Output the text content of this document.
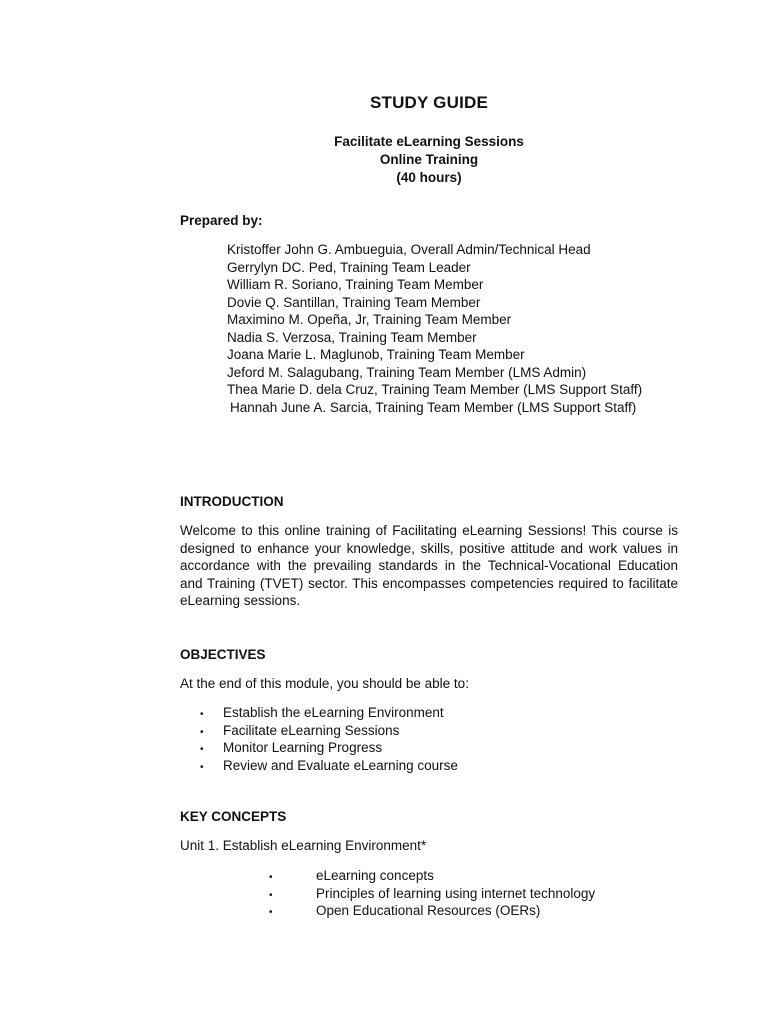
STUDY GUIDE
Facilitate eLearning Sessions
Online Training
(40 hours)
Prepared by:
Kristoffer John G. Ambueguia, Overall Admin/Technical Head
Gerrylyn DC. Ped, Training Team Leader
William R. Soriano, Training Team Member
Dovie Q. Santillan, Training Team Member
Maximino M. Opeña, Jr, Training Team Member
Nadia S. Verzosa, Training Team Member
Joana Marie L. Maglunob, Training Team Member
Jeford M. Salagubang, Training Team Member (LMS Admin)
Thea Marie D. dela Cruz, Training Team Member (LMS Support Staff)
Hannah June A. Sarcia, Training Team Member (LMS Support Staff)
INTRODUCTION
Welcome to this online training of Facilitating eLearning Sessions! This course is designed to enhance your knowledge, skills, positive attitude and work values in accordance with the prevailing standards in the Technical-Vocational Education and Training (TVET) sector. This encompasses competencies required to facilitate eLearning sessions.
OBJECTIVES
At the end of this module, you should be able to:
• Establish the eLearning Environment
• Facilitate eLearning Sessions
• Monitor Learning Progress
• Review and Evaluate eLearning course
KEY CONCEPTS
Unit 1. Establish eLearning Environment*
•	eLearning concepts
•	Principles of learning using internet technology
•	Open Educational Resources (OERs)
